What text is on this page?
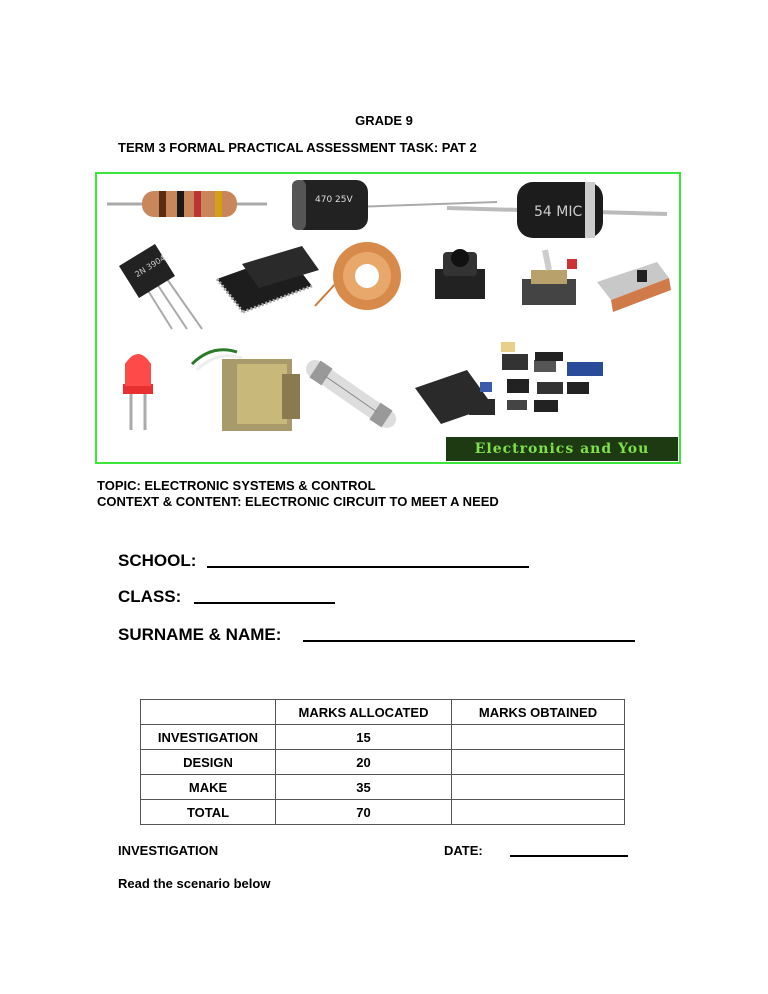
GRADE 9
TERM 3 FORMAL PRACTICAL ASSESSMENT TASK: PAT 2
470 25V
54 MIC
2N 3904
Electronics and You
TOPIC: ELECTRONIC SYSTEMS & CONTROL
CONTEXT & CONTENT: ELECTRONIC CIRCUIT TO MEET A NEED
SCHOOL:
CLASS:
SURNAME & NAME:
	MARKS ALLOCATED	MARKS OBTAINED
INVESTIGATION	15	
DESIGN	20	
MAKE	35	
TOTAL	70	
INVESTIGATION	DATE:
Read the scenario below
